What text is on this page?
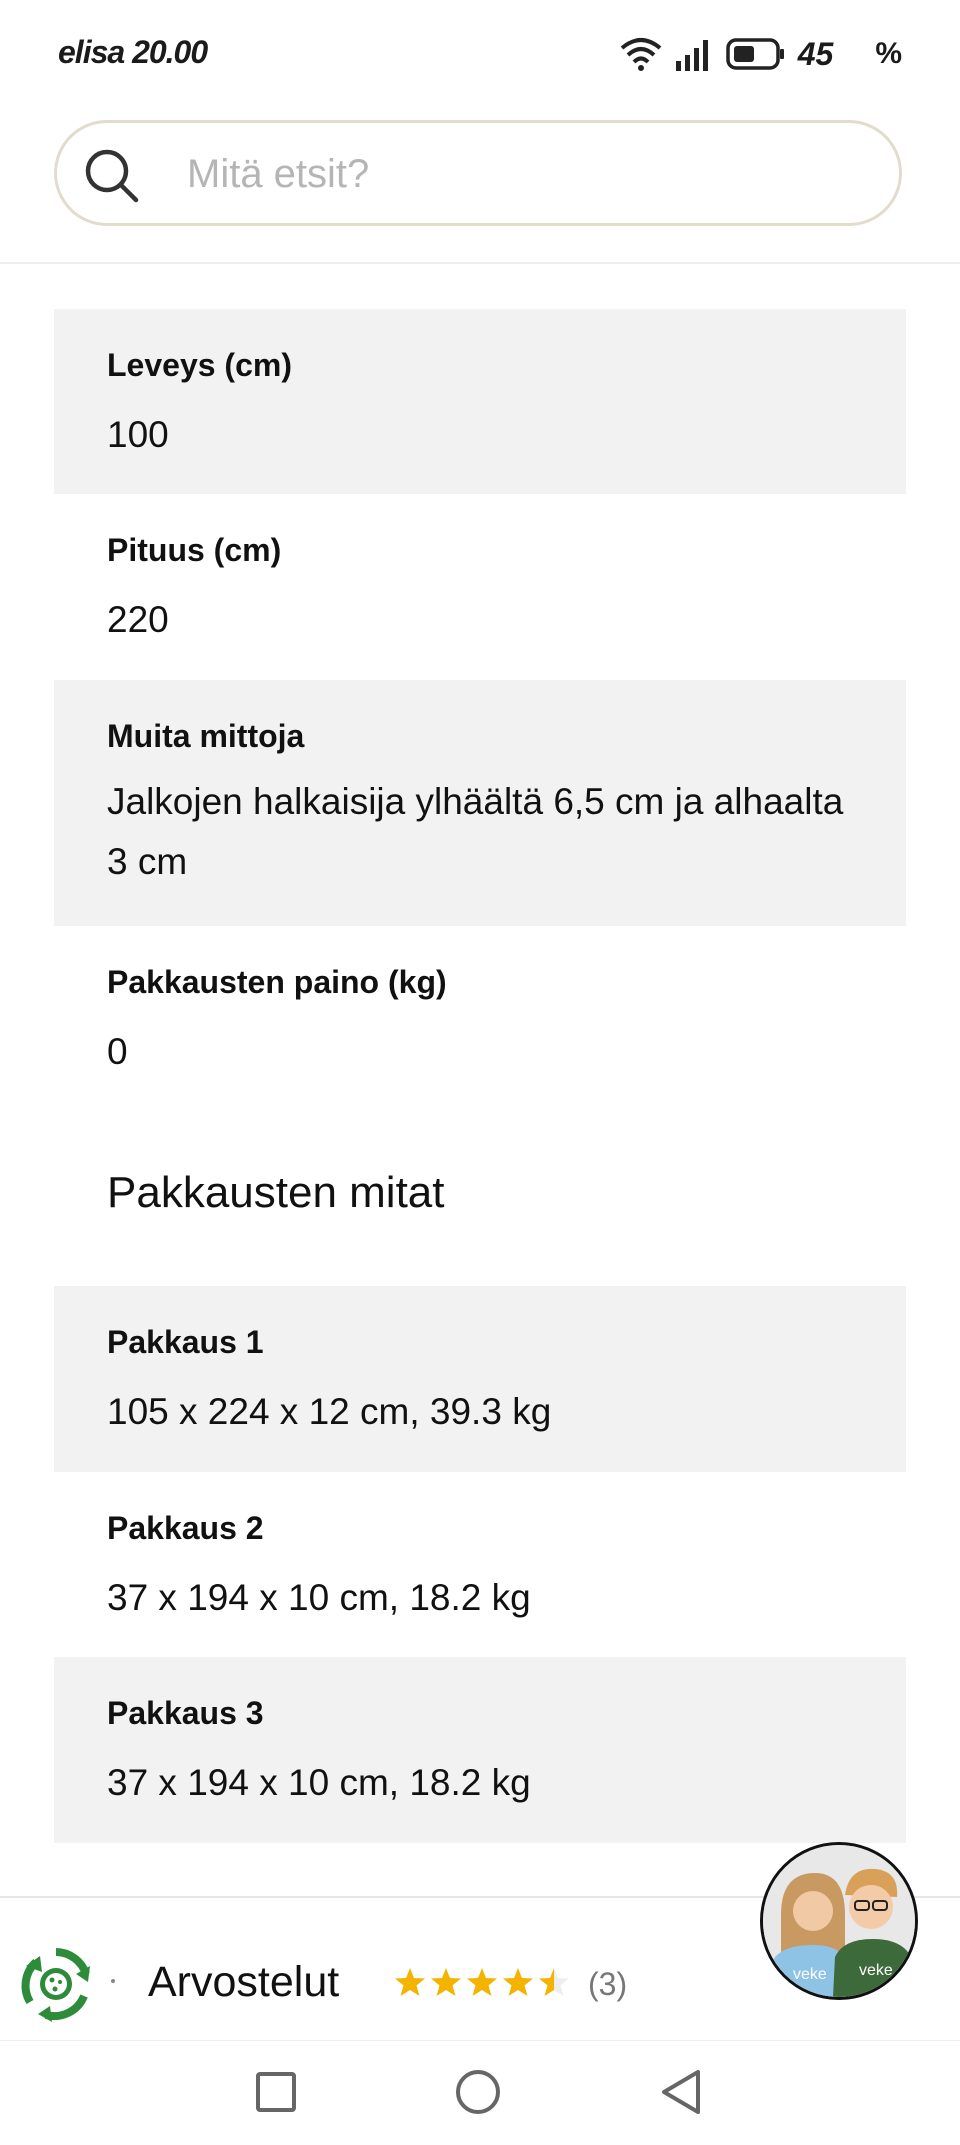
elisa 20.00	45 %
Mitä etsit?
Leveys (cm)
100
Pituus (cm)
220
Muita mittoja
Jalkojen halkaisija ylhäältä 6,5 cm ja alhaalta 3 cm
Pakkausten paino (kg)
0
Pakkausten mitat
Pakkaus 1
105 x 224 x 12 cm, 39.3 kg
Pakkaus 2
37 x 194 x 10 cm, 18.2 kg
Pakkaus 3
37 x 194 x 10 cm, 18.2 kg
Arvostelut	(3)	veke veke
